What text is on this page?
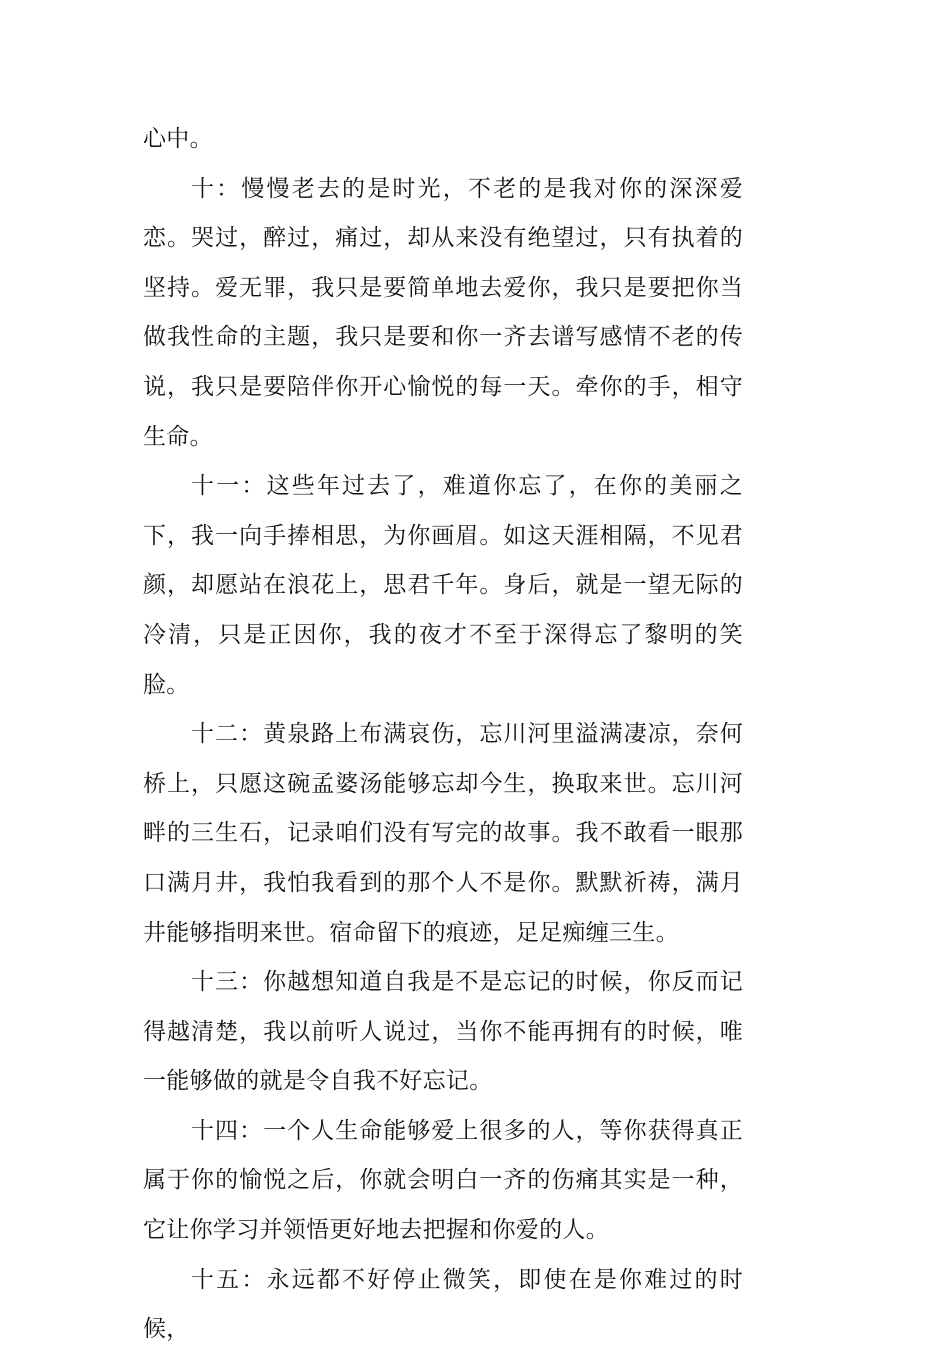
心中。

十：慢慢老去的是时光，不老的是我对你的深深爱恋。哭过，醉过，痛过，却从来没有绝望过，只有执着的坚持。爱无罪，我只是要简单地去爱你，我只是要把你当做我性命的主题，我只是要和你一齐去谱写感情不老的传说，我只是要陪伴你开心愉悦的每一天。牵你的手，相守生命。

十一：这些年过去了，难道你忘了，在你的美丽之下，我一向手捧相思，为你画眉。如这天涯相隔，不见君颜，却愿站在浪花上，思君千年。身后，就是一望无际的冷清，只是正因你，我的夜才不至于深得忘了黎明的笑脸。

十二：黄泉路上布满哀伤，忘川河里溢满凄凉，奈何桥上，只愿这碗孟婆汤能够忘却今生，换取来世。忘川河畔的三生石，记录咱们没有写完的故事。我不敢看一眼那口满月井，我怕我看到的那个人不是你。默默祈祷，满月井能够指明来世。宿命留下的痕迹，足足痴缠三生。

十三：你越想知道自我是不是忘记的时候，你反而记得越清楚，我以前听人说过，当你不能再拥有的时候，唯一能够做的就是令自我不好忘记。

十四：一个人生命能够爱上很多的人，等你获得真正属于你的愉悦之后，你就会明白一齐的伤痛其实是一种，它让你学习并领悟更好地去把握和你爱的人。

十五：永远都不好停止微笑，即使在是你难过的时候，
